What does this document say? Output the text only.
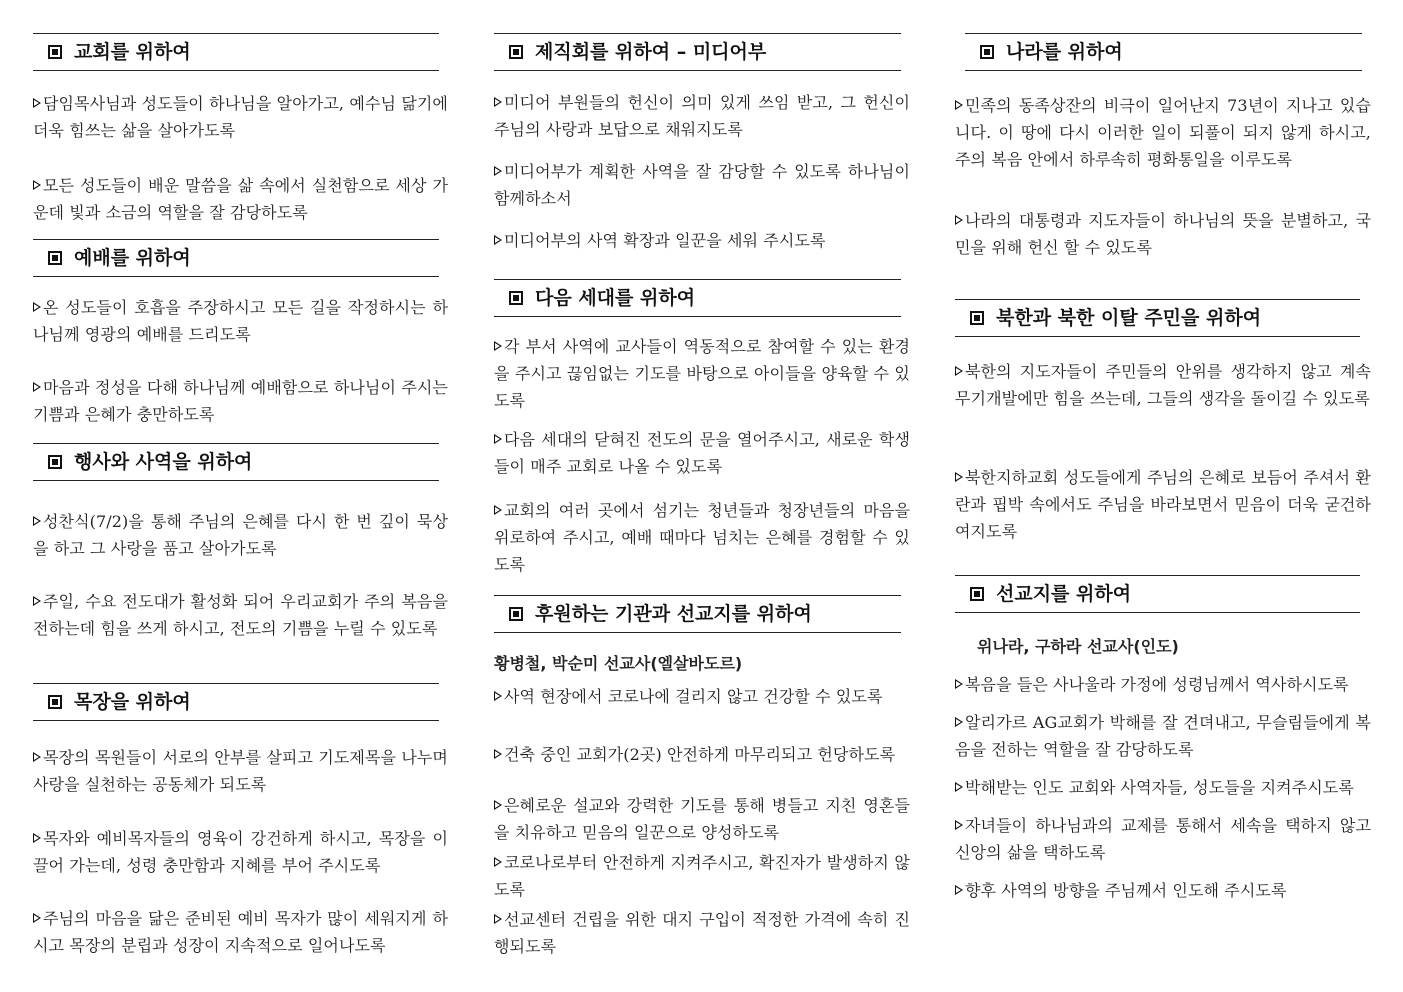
교회를 위하여
담임목사님과 성도들이 하나님을 알아가고, 예수님 닮기에 더욱 힘쓰는 삶을 살아가도록
모든 성도들이 배운 말씀을 삶 속에서 실천함으로 세상 가운데 빛과 소금의 역할을 잘 감당하도록
예배를 위하여
온 성도들이 호흡을 주장하시고 모든 길을 작정하시는 하나님께 영광의 예배를 드리도록
마음과 정성을 다해 하나님께 예배함으로 하나님이 주시는 기쁨과 은혜가 충만하도록
행사와 사역을 위하여
성찬식(7/2)을 통해 주님의 은혜를 다시 한 번 깊이 묵상을 하고 그 사랑을 품고 살아가도록
주일, 수요 전도대가 활성화 되어 우리교회가 주의 복음을 전하는데 힘을 쓰게 하시고, 전도의 기쁨을 누릴 수 있도록
목장을 위하여
목장의 목원들이 서로의 안부를 살피고 기도제목을 나누며 사랑을 실천하는 공동체가 되도록
목자와 예비목자들의 영육이 강건하게 하시고, 목장을 이끌어 가는데, 성령 충만함과 지혜를 부어 주시도록
주님의 마음을 닮은 준비된 예비 목자가 많이 세워지게 하시고 목장의 분립과 성장이 지속적으로 일어나도록
제직회를 위하여 – 미디어부
미디어 부원들의 헌신이 의미 있게 쓰임 받고, 그 헌신이 주님의 사랑과 보답으로 채워지도록
미디어부가 계획한 사역을 잘 감당할 수 있도록 하나님이 함께하소서
미디어부의 사역 확장과 일꾼을 세워 주시도록
다음 세대를 위하여
각 부서 사역에 교사들이 역동적으로 참여할 수 있는 환경을 주시고 끊임없는 기도를 바탕으로 아이들을 양육할 수 있도록
다음 세대의 닫혀진 전도의 문을 열어주시고, 새로운 학생들이 매주 교회로 나올 수 있도록
교회의 여러 곳에서 섬기는 청년들과 청장년들의 마음을 위로하여 주시고, 예배 때마다 넘치는 은혜를 경험할 수 있도록
후원하는 기관과 선교지를 위하여
황병철, 박순미 선교사(엘살바도르)
사역 현장에서 코로나에 걸리지 않고 건강할 수 있도록
건축 중인 교회가(2곳) 안전하게 마무리되고 헌당하도록
은혜로운 설교와 강력한 기도를 통해 병들고 지친 영혼들을 치유하고 믿음의 일꾼으로 양성하도록
코로나로부터 안전하게 지켜주시고, 확진자가 발생하지 않도록
선교센터 건립을 위한 대지 구입이 적정한 가격에 속히 진행되도록
나라를 위하여
민족의 동족상잔의 비극이 일어난지 73년이 지나고 있습니다. 이 땅에 다시 이러한 일이 되풀이 되지 않게 하시고, 주의 복음 안에서 하루속히 평화통일을 이루도록
나라의 대통령과 지도자들이 하나님의 뜻을 분별하고, 국민을 위해 헌신 할 수 있도록
북한과 북한 이탈 주민을 위하여
북한의 지도자들이 주민들의 안위를 생각하지 않고 계속 무기개발에만 힘을 쓰는데, 그들의 생각을 돌이길 수 있도록
북한지하교회 성도들에게 주님의 은혜로 보듬어 주셔서 환란과 핍박 속에서도 주님을 바라보면서 믿음이 더욱 굳건하여지도록
선교지를 위하여
위나라, 구하라 선교사(인도)
복음을 들은 사나울라 가정에 성령님께서 역사하시도록
알리가르 AG교회가 박해를 잘 견뎌내고, 무슬림들에게 복음을 전하는 역할을 잘 감당하도록
박해받는 인도 교회와 사역자들, 성도들을 지켜주시도록
자녀들이 하나님과의 교제를 통해서 세속을 택하지 않고 신앙의 삶을 택하도록
향후 사역의 방향을 주님께서 인도해 주시도록
